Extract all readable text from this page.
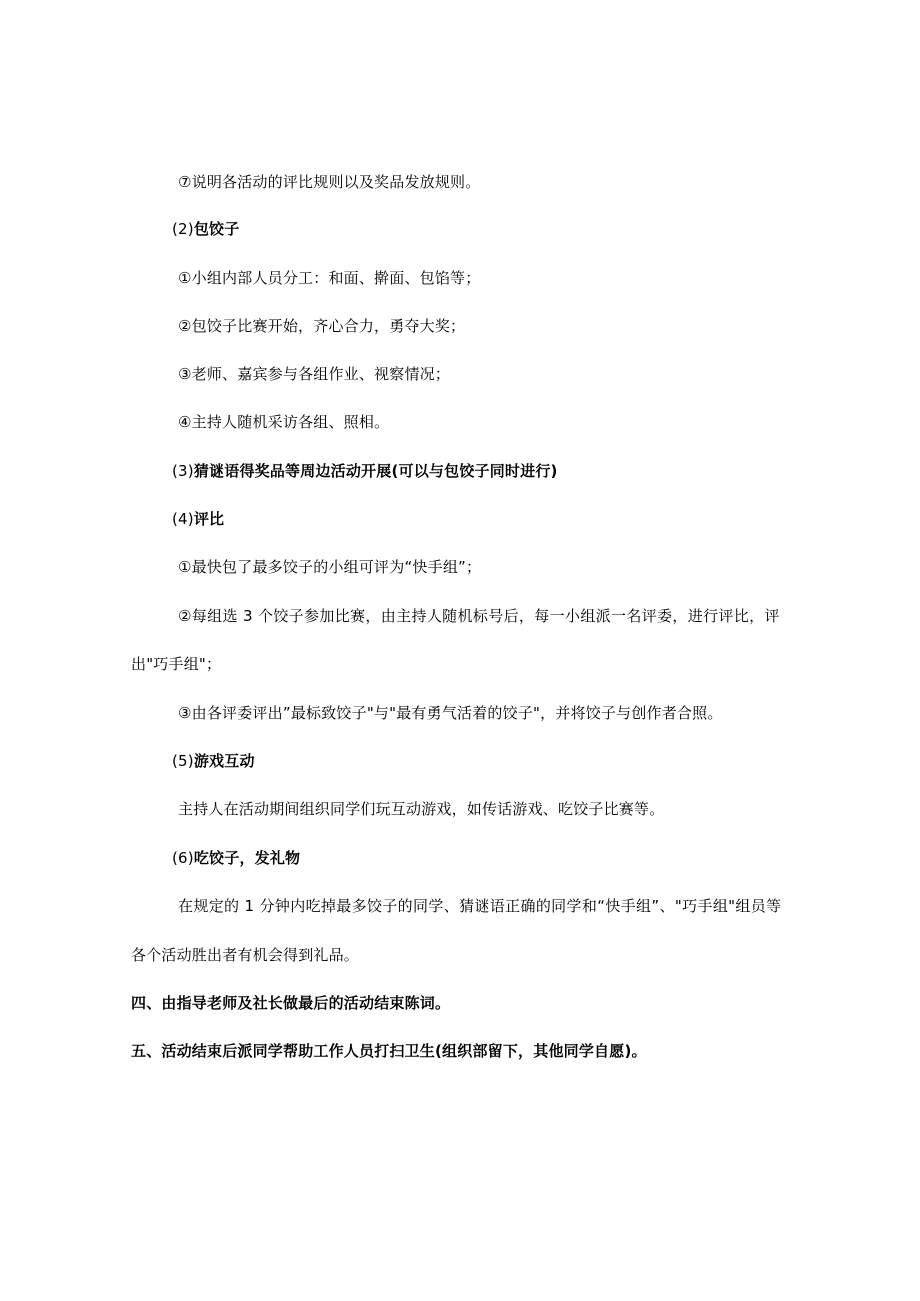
⑦说明各活动的评比规则以及奖品发放规则。
(2)包饺子
①小组内部人员分工：和面、擀面、包馅等；
②包饺子比赛开始，齐心合力，勇夺大奖；
③老师、嘉宾参与各组作业、视察情况；
④主持人随机采访各组、照相。
(3)猜谜语得奖品等周边活动开展(可以与包饺子同时进行)
(4)评比
①最快包了最多饺子的小组可评为“快手组”；
②每组选 3 个饺子参加比赛，由主持人随机标号后，每一小组派一名评委，进行评比，评
出"巧手组"；
③由各评委评出”最标致饺子"与"最有勇气活着的饺子"，并将饺子与创作者合照。
(5)游戏互动
主持人在活动期间组织同学们玩互动游戏，如传话游戏、吃饺子比赛等。
(6)吃饺子，发礼物
在规定的 1 分钟内吃掉最多饺子的同学、猜谜语正确的同学和“快手组”、"巧手组"组员等
各个活动胜出者有机会得到礼品。
四、由指导老师及社长做最后的活动结束陈词。
五、活动结束后派同学帮助工作人员打扫卫生(组织部留下，其他同学自愿)。
